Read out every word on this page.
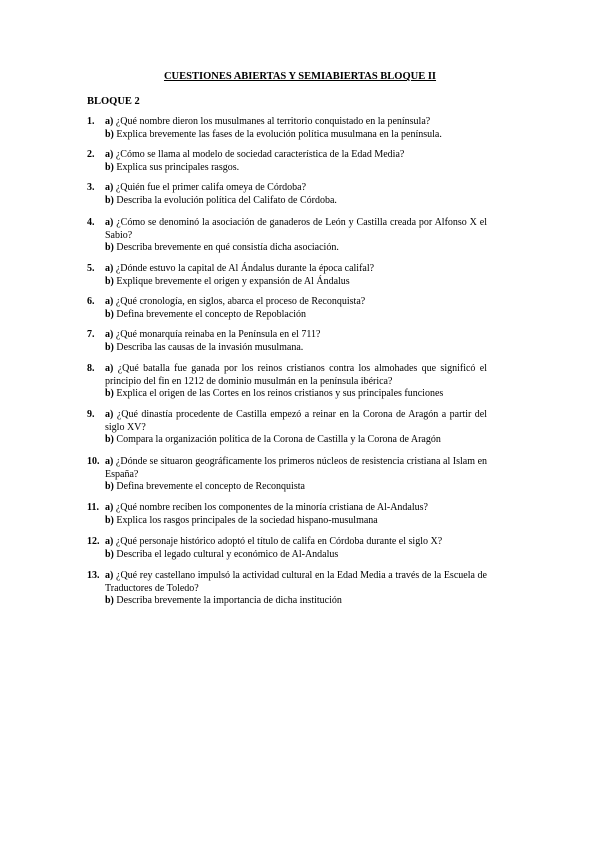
CUESTIONES ABIERTAS Y SEMIABIERTAS BLOQUE II
BLOQUE 2
1. a) ¿Qué nombre dieron los musulmanes al territorio conquistado en la península?
b) Explica brevemente las fases de la evolución política musulmana en la península.
2. a) ¿Cómo se llama al modelo de sociedad característica de la Edad Media?
b) Explica sus principales rasgos.
3. a) ¿Quién fue el primer califa omeya de Córdoba?
b) Describa la evolución política del Califato de Córdoba.
4. a) ¿Cómo se denominó la asociación de ganaderos de León y Castilla creada por Alfonso X el Sabio?
b) Describa brevemente en qué consistía dicha asociación.
5. a) ¿Dónde estuvo la capital de Al Ándalus durante la época califal?
b) Explique brevemente el origen y expansión de Al Ándalus
6. a) ¿Qué cronología, en siglos, abarca el proceso de Reconquista?
b) Defina brevemente el concepto de Repoblación
7. a) ¿Qué monarquía reinaba en la Península en el 711?
b) Describa las causas de la invasión musulmana.
8. a) ¿Qué batalla fue ganada por los reinos cristianos contra los almohades que significó el principio del fin en 1212 de dominio musulmán en la península ibérica?
b) Explica el origen de las Cortes en los reinos cristianos y sus principales funciones
9. a) ¿Qué dinastía procedente de Castilla empezó a reinar en la Corona de Aragón a partir del siglo XV?
b) Compara la organización política de la Corona de Castilla y la Corona de Aragón
10. a) ¿Dónde se situaron geográficamente los primeros núcleos de resistencia cristiana al Islam en España?
b) Defina brevemente el concepto de Reconquista
11. a) ¿Qué nombre reciben los componentes de la minoría cristiana de Al-Andalus?
b) Explica los rasgos principales de la sociedad hispano-musulmana
12. a) ¿Qué personaje histórico adoptó el título de califa en Córdoba durante el siglo X?
b) Describa el legado cultural y económico de Al-Andalus
13. a) ¿Qué rey castellano impulsó la actividad cultural en la Edad Media a través de la Escuela de Traductores de Toledo?
b) Describa brevemente la importancia de dicha institución
